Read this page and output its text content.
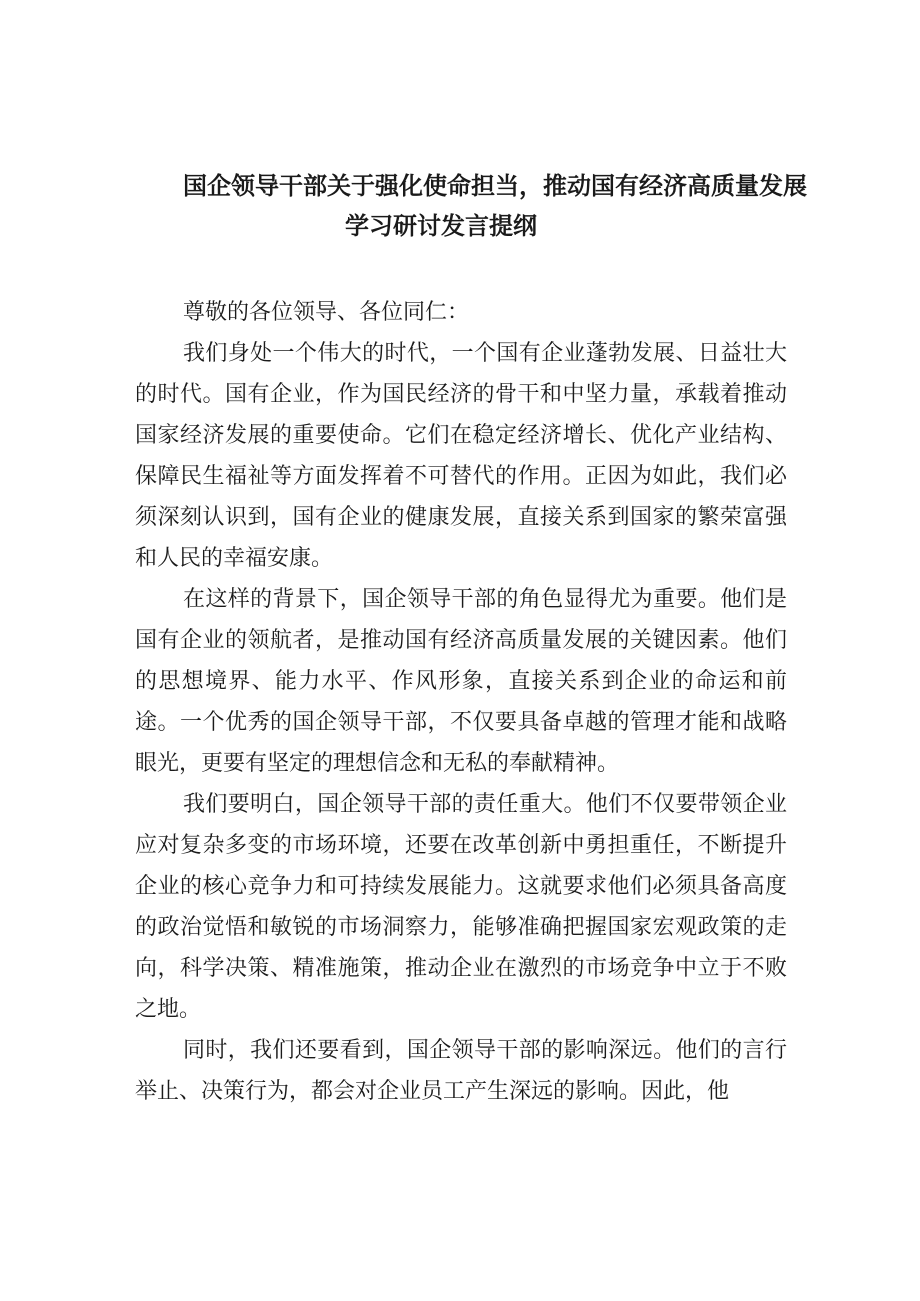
国企领导干部关于强化使命担当，推动国有经济高质量发展
学习研讨发言提纲
尊敬的各位领导、各位同仁：

我们身处一个伟大的时代，一个国有企业蓬勃发展、日益壮大的时代。国有企业，作为国民经济的骨干和中坚力量，承载着推动国家经济发展的重要使命。它们在稳定经济增长、优化产业结构、保障民生福祉等方面发挥着不可替代的作用。正因为如此，我们必须深刻认识到，国有企业的健康发展，直接关系到国家的繁荣富强和人民的幸福安康。

在这样的背景下，国企领导干部的角色显得尤为重要。他们是国有企业的领航者，是推动国有经济高质量发展的关键因素。他们的思想境界、能力水平、作风形象，直接关系到企业的命运和前途。一个优秀的国企领导干部，不仅要具备卓越的管理才能和战略眼光，更要有坚定的理想信念和无私的奉献精神。

我们要明白，国企领导干部的责任重大。他们不仅要带领企业应对复杂多变的市场环境，还要在改革创新中勇担重任，不断提升企业的核心竞争力和可持续发展能力。这就要求他们必须具备高度的政治觉悟和敏锐的市场洞察力，能够准确把握国家宏观政策的走向，科学决策、精准施策，推动企业在激烈的市场竞争中立于不败之地。

同时，我们还要看到，国企领导干部的影响深远。他们的言行举止、决策行为，都会对企业员工产生深远的影响。因此，他
